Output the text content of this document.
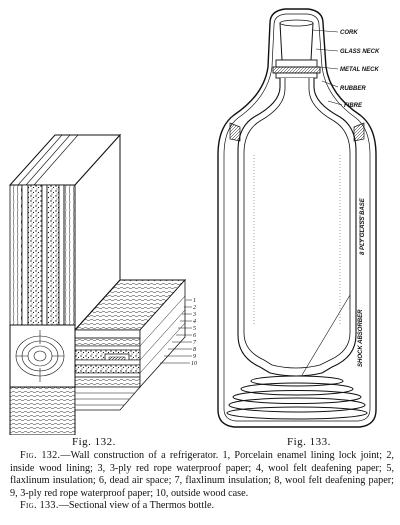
1
2
3
4
5
6
7
8
9
10
CORK
GLASS NECK
METAL NECK
RUBBER
FIBRE
8 PLY GLASS BASE
SHOCK ABSORBER
Fig. 132.	Fig. 133.

Fig. 132.—Wall construction of a refrigerator. 1, Porcelain enamel lining lock joint; 2, inside wood lining; 3, 3-ply red rope waterproof paper; 4, wool felt deafening paper; 5, flaxlinum insulation; 6, dead air space; 7, flaxlinum insulation; 8, wool felt deafening paper; 9, 3-ply red rope waterproof paper; 10, outside wood case.

Fig. 133.—Sectional view of a Thermos bottle.
